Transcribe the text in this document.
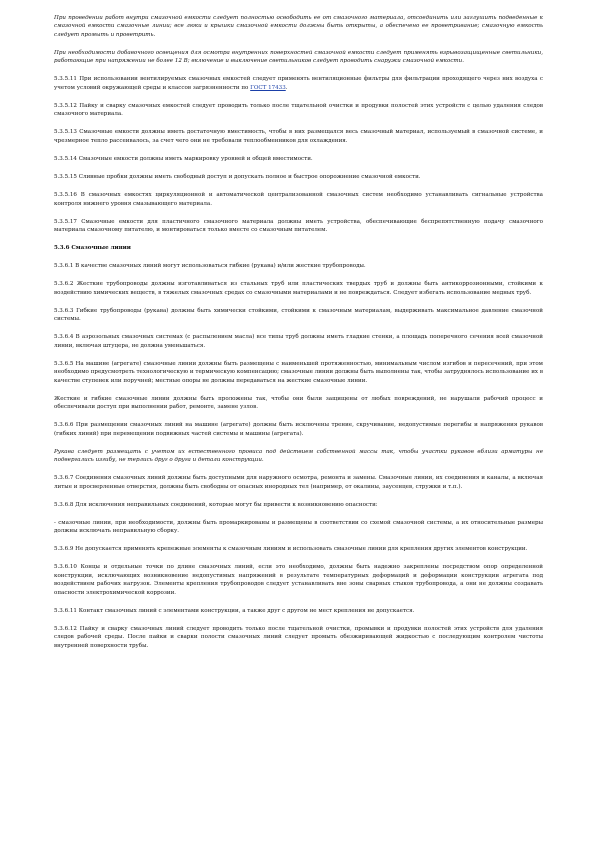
При проведении работ внутри смазочной емкости следует полностью освободить ее от смазочного материала, отсоединить или заглушить подведенные к смазочной емкости смазочные линии; все люки и крышки смазочной емкости должны быть открыты, а обеспечено ее проветривание; смазочную емкость следует промыть и проветрить.

При необходимости добавочного освещения для осмотра внутренних поверхностей смазочной емкости следует применять взрывозащищенные светильники, работающие при напряжении не более 12 В; включение и выключение светильников следует проводить снаружи смазочной емкости.

5.3.5.11 При использовании вентилируемых смазочных емкостей следует применять вентиляционные фильтры для фильтрации проходящего через них воздуха с учетом условий окружающей среды и классов загрязненности по ГОСТ 17433.

5.3.5.12 Пайку и сварку смазочных емкостей следует проводить только после тщательной очистки и продувки полостей этих устройств с целью удаления следов смазочного материала.

5.3.5.13 Смазочные емкости должны иметь достаточную вместимость, чтобы в них размещался весь смазочный материал, используемый в смазочной системе, и чрезмерное тепло рассеивалось, за счет чего они не требовали теплообменников для охлаждения.

5.3.5.14 Смазочные емкости должны иметь маркировку уровней и общей вместимости.

5.3.5.15 Сливные пробки должны иметь свободный доступ и допускать полное и быстрое опорожнение смазочной емкости.

5.3.5.16 В смазочных емкостях циркуляционной и автоматической централизованной смазочных систем необходимо устанавливать сигнальные устройства контроля нижнего уровня смазывающего материала.

5.3.5.17 Смазочные емкости для пластичного смазочного материала должны иметь устройства, обеспечивающие беспрепятственную подачу смазочного материала смазочному питателю, и монтироваться только вместе со смазочным питателем.

5.3.6 Смазочные линии

5.3.6.1 В качестве смазочных линий могут использоваться гибкие (рукава) и/или жесткие трубопроводы.

5.3.6.2 Жесткие трубопроводы должны изготавливаться из стальных труб или пластических твердых труб и должны быть антикоррозионными, стойкими к воздействию химических веществ, в тяжелых смазочных средах со смазочными материалами и не повреждаться. Следует избегать использование медных труб.

5.3.6.3 Гибкие трубопроводы (рукава) должны быть химически стойкими, стойкими к смазочным материалам, выдерживать максимальное давление смазочной системы.

5.3.6.4 В аэрозольных смазочных системах (с распылением масла) все типы труб должны иметь гладкие стенки, а площадь поперечного сечения всей смазочной линии, включая штуцера, не должна уменьшаться.

5.3.6.5 На машине (агрегате) смазочные линии должны быть размещены с наименьшей протяженностью, минимальным числом изгибов и пересечений, при этом необходимо предусмотреть технологическую и термическую компенсацию; смазочные линии должны быть выполнены так, чтобы затруднялось использование их в качестве ступенек или поручней; местные опоры не должны передаваться на жесткие смазочные линии.

Жесткие и гибкие смазочные линии должны быть проложены так, чтобы они были защищены от любых повреждений, не нарушали рабочий процесс и обеспечивали доступ при выполнении работ, ремонте, замене узлов.

5.3.6.6 При размещении смазочных линий на машине (агрегате) должны быть исключены трение, скручивание, недопустимые перегибы и напряжения рукавов (гибких линий) при перемещении подвижных частей системы и машины (агрегата).

Рукава следует размещать с учетом их естественного провиса под действием собственной массы так, чтобы участки рукавов вблизи арматуры не подвергались изгибу, не терлись друг о друга и детали конструкции.

5.3.6.7 Соединения смазочных линий должны быть доступными для наружного осмотра, ремонта и замены. Смазочные линии, их соединения и каналы, а включая литые и просверленные отверстия, должны быть свободны от опасных инородных тел (например, от окалины, заусенцев, стружки и т.п.).

5.3.6.8 Для исключения неправильных соединений, которые могут бы привести к возникновению опасности:

- смазочные линии, при необходимости, должны быть промаркированы и размещены в соответствии со схемой смазочной системы, а их относительные размеры должны исключать неправильную сборку.

5.3.6.9 Не допускается применять крепежные элементы к смазочным линиям и использовать смазочные линии для крепления других элементов конструкции.

5.3.6.10 Концы и отдельные точки по длине смазочных линий, если это необходимо, должны быть надежно закреплены посредством опор определенной конструкции, исключающих возникновение недопустимых напряжений в результате температурных деформаций и деформации конструкции агрегата под воздействием рабочих нагрузок. Элементы крепления трубопроводов следует устанавливать вне зоны сварных стыков трубопровода, а они не должны создавать опасности электрохимической коррозии.

5.3.6.11 Контакт смазочных линий с элементами конструкции, а также друг с другом не мест крепления не допускается.

5.3.6.12 Пайку и сварку смазочных линий следует проводить только после тщательной очистки, промывки и продувки полостей этих устройств для удаления следов рабочей среды. После пайки и сварки полости смазочных линий следует промыть обезжиривающей жидкостью с последующим контролем чистоты внутренней поверхности трубы.
